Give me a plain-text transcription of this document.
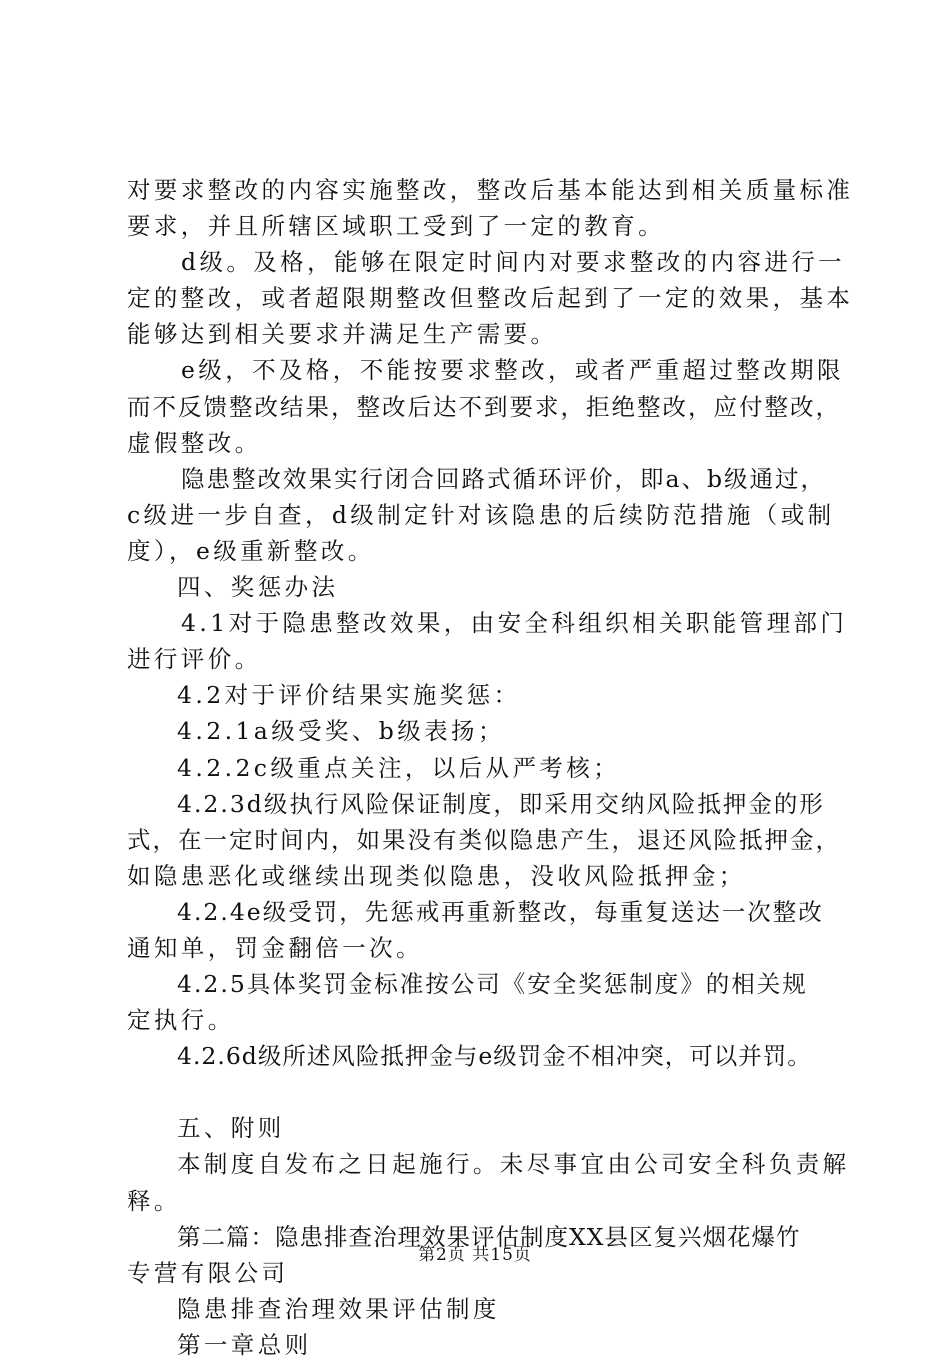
对要求整改的内容实施整改，整改后基本能达到相关质量标准
要求，并且所辖区域职工受到了一定的教育。
d级。及格，能够在限定时间内对要求整改的内容进行一
定的整改，或者超限期整改但整改后起到了一定的效果，基本
能够达到相关要求并满足生产需要。
e级，不及格，不能按要求整改，或者严重超过整改期限
而不反馈整改结果，整改后达不到要求，拒绝整改，应付整改，
虚假整改。
隐患整改效果实行闭合回路式循环评价，即a、b级通过，
c级进一步自查，d级制定针对该隐患的后续防范措施（或制
度），e级重新整改。
四、奖惩办法
4.1对于隐患整改效果，由安全科组织相关职能管理部门
进行评价。
4.2对于评价结果实施奖惩：
4.2.1a级受奖、b级表扬；
4.2.2c级重点关注，以后从严考核；
4.2.3d级执行风险保证制度，即采用交纳风险抵押金的形
式，在一定时间内，如果没有类似隐患产生，退还风险抵押金，
如隐患恶化或继续出现类似隐患，没收风险抵押金；
4.2.4e级受罚，先惩戒再重新整改，每重复送达一次整改
通知单，罚金翻倍一次。
4.2.5具体奖罚金标准按公司《安全奖惩制度》的相关规
定执行。
4.2.6d级所述风险抵押金与e级罚金不相冲突，可以并罚。
五、附则
本制度自发布之日起施行。未尽事宜由公司安全科负责解
释。
第二篇：隐患排查治理效果评估制度XX县区复兴烟花爆竹
专营有限公司
隐患排查治理效果评估制度
第一章总则
第2页 共15页
